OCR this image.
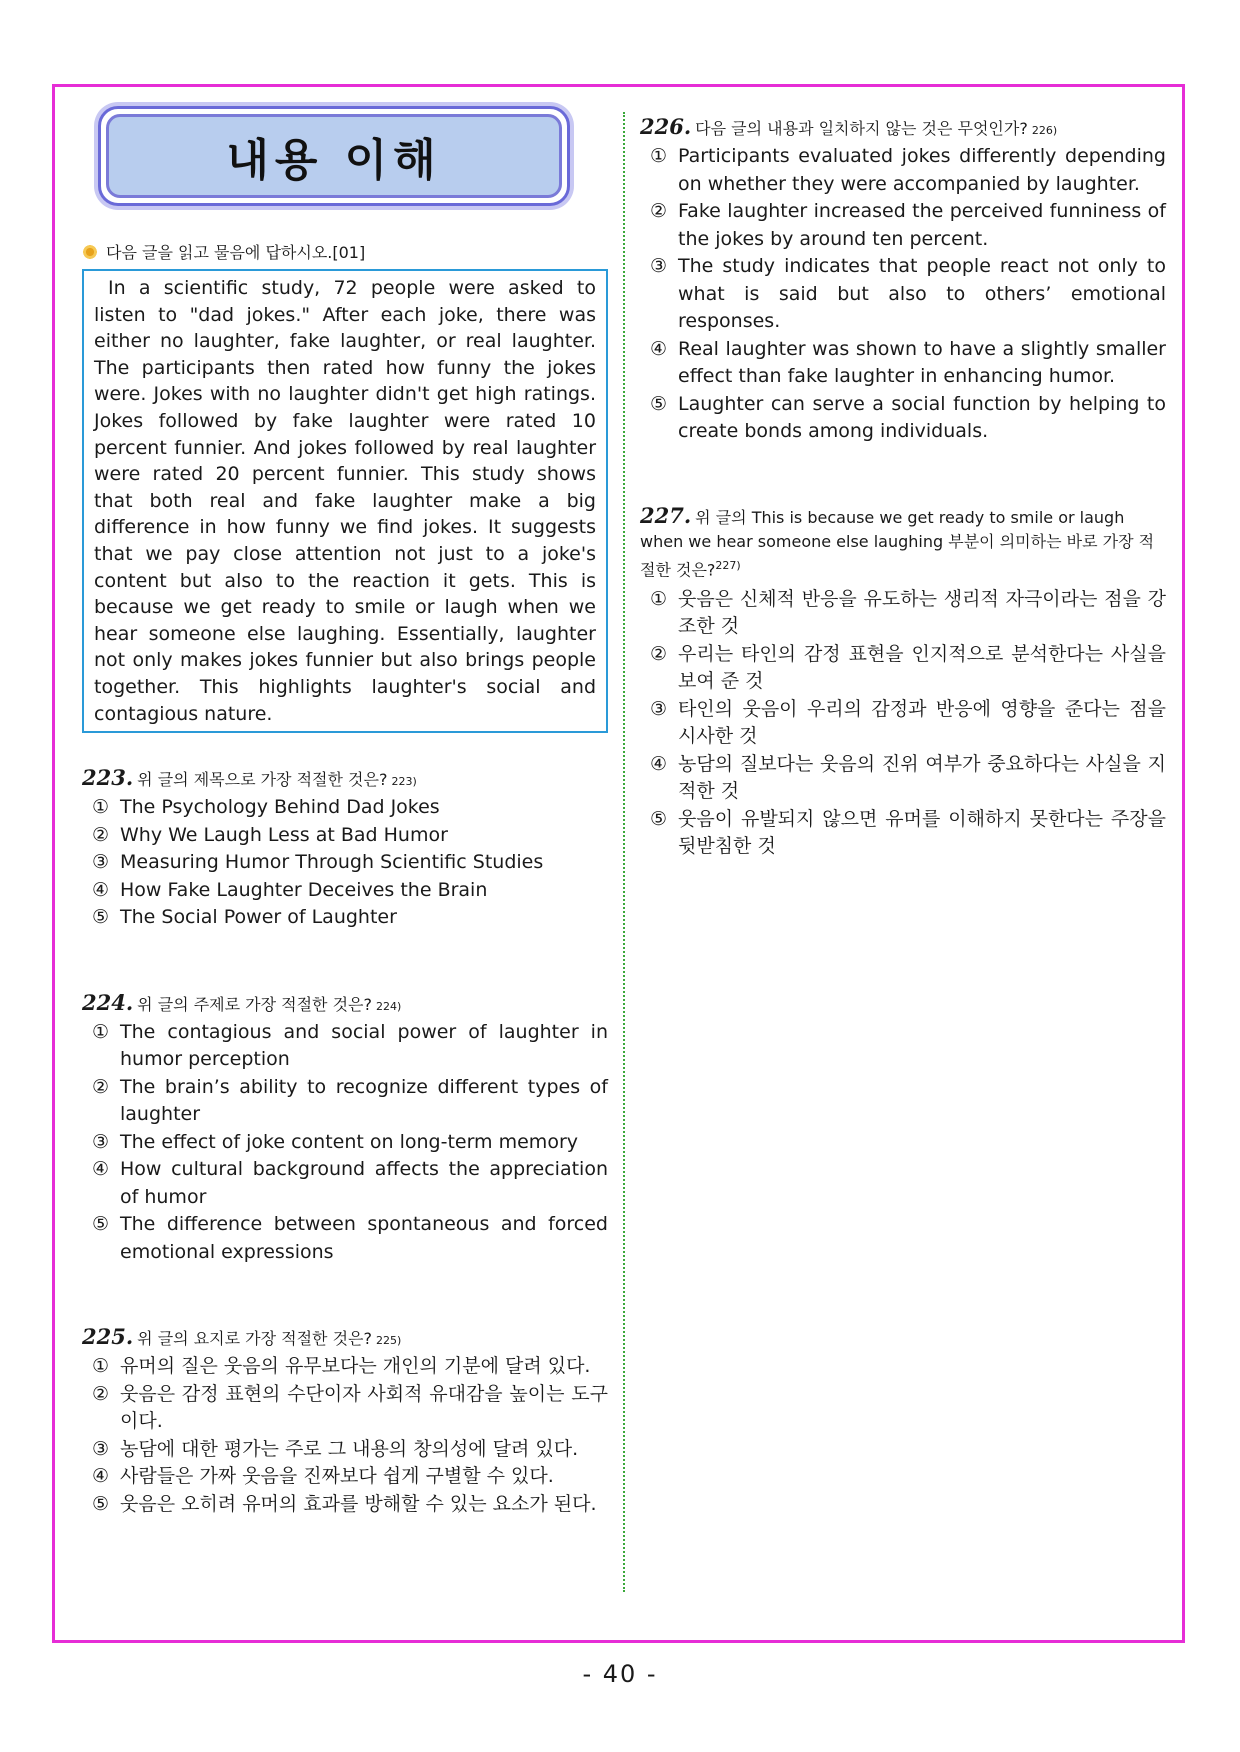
내용 이해
다음 글을 읽고 물음에 답하시오.[01]
In a scientific study, 72 people were asked to listen to "dad jokes." After each joke, there was either no laughter, fake laughter, or real laughter. The participants then rated how funny the jokes were. Jokes with no laughter didn't get high ratings. Jokes followed by fake laughter were rated 10 percent funnier. And jokes followed by real laughter were rated 20 percent funnier. This study shows that both real and fake laughter make a big difference in how funny we find jokes. It suggests that we pay close attention not just to a joke's content but also to the reaction it gets. This is because we get ready to smile or laugh when we hear someone else laughing. Essentially, laughter not only makes jokes funnier but also brings people together. This highlights laughter's social and contagious nature.
223. 위 글의 제목으로 가장 적절한 것은? 223)
① The Psychology Behind Dad Jokes
② Why We Laugh Less at Bad Humor
③ Measuring Humor Through Scientific Studies
④ How Fake Laughter Deceives the Brain
⑤ The Social Power of Laughter
224. 위 글의 주제로 가장 적절한 것은? 224)
① The contagious and social power of laughter in humor perception
② The brain’s ability to recognize different types of laughter
③ The effect of joke content on long-term memory
④ How cultural background affects the appreciation of humor
⑤ The difference between spontaneous and forced emotional expressions
225. 위 글의 요지로 가장 적절한 것은? 225)
① 유머의 질은 웃음의 유무보다는 개인의 기분에 달려 있다.
② 웃음은 감정 표현의 수단이자 사회적 유대감을 높이는 도구이다.
③ 농담에 대한 평가는 주로 그 내용의 창의성에 달려 있다.
④ 사람들은 가짜 웃음을 진짜보다 쉽게 구별할 수 있다.
⑤ 웃음은 오히려 유머의 효과를 방해할 수 있는 요소가 된다.
226. 다음 글의 내용과 일치하지 않는 것은 무엇인가? 226)
① Participants evaluated jokes differently depending on whether they were accompanied by laughter.
② Fake laughter increased the perceived funniness of the jokes by around ten percent.
③ The study indicates that people react not only to what is said but also to others’ emotional responses.
④ Real laughter was shown to have a slightly smaller effect than fake laughter in enhancing humor.
⑤ Laughter can serve a social function by helping to create bonds among individuals.
227. 위 글의 This is because we get ready to smile or laugh when we hear someone else laughing 부분이 의미하는 바로 가장 적절한 것은?$^{227)}$
① 웃음은 신체적 반응을 유도하는 생리적 자극이라는 점을 강조한 것
② 우리는 타인의 감정 표현을 인지적으로 분석한다는 사실을 보여 준 것
③ 타인의 웃음이 우리의 감정과 반응에 영향을 준다는 점을 시사한 것
④ 농담의 질보다는 웃음의 진위 여부가 중요하다는 사실을 지적한 것
⑤ 웃음이 유발되지 않으면 유머를 이해하지 못한다는 주장을 뒷받침한 것
- 40 -
